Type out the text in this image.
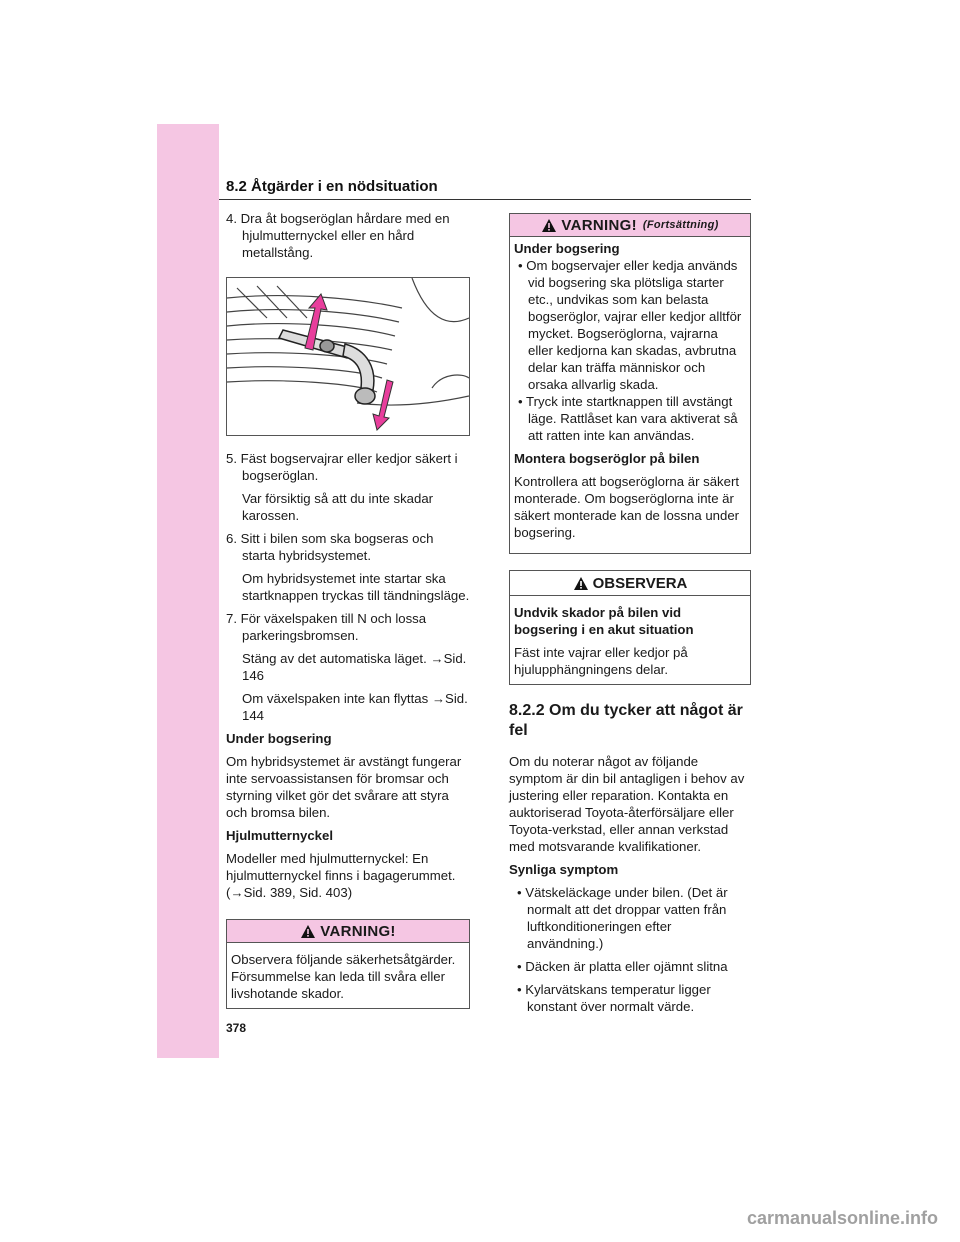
8.2 Åtgärder i en nödsituation
4. Dra åt bogseröglan hårdare med en hjulmutternyckel eller en hård metallstång.
5. Fäst bogservajrar eller kedjor säkert i bogseröglan.
Var försiktig så att du inte skadar karossen.
6. Sitt i bilen som ska bogseras och starta hybridsystemet.
Om hybridsystemet inte startar ska startknappen tryckas till tändningsläge.
7. För växelspaken till N och lossa parkeringsbromsen.
Stäng av det automatiska läget. →Sid. 146
Om växelspaken inte kan flyttas →Sid. 144

Under bogsering

Om hybridsystemet är avstängt fungerar inte servoassistansen för bromsar och styrning vilket gör det svårare att styra och bromsa bilen.

Hjulmutternyckel

Modeller med hjulmutternyckel: En hjulmutternyckel finns i bagagerummet. (→Sid. 389, Sid. 403)

VARNING!
Observera följande säkerhetsåtgärder. Försummelse kan leda till svåra eller livshotande skador.
VARNING! (Fortsättning)

Under bogsering

• Om bogservajer eller kedja används vid bogsering ska plötsliga starter etc., undvikas som kan belasta bogseröglor, vajrar eller kedjor alltför mycket. Bogseröglorna, vajrarna eller kedjorna kan skadas, avbrutna delar kan träffa människor och orsaka allvarlig skada.
• Tryck inte startknappen till avstängt läge. Rattlåset kan vara aktiverat så att ratten inte kan användas.

Montera bogseröglor på bilen

Kontrollera att bogseröglorna är säkert monterade. Om bogseröglorna inte är säkert monterade kan de lossna under bogsering.

OBSERVERA

Undvik skador på bilen vid bogsering i en akut situation

Fäst inte vajrar eller kedjor på hjulupphängningens delar.

8.2.2 Om du tycker att något är fel

Om du noterar något av följande symptom är din bil antagligen i behov av justering eller reparation. Kontakta en auktoriserad Toyota-återförsäljare eller Toyota-verkstad, eller annan verkstad med motsvarande kvalifikationer.

Synliga symptom

• Vätskeläckage under bilen. (Det är normalt att det droppar vatten från luftkonditioneringen efter användning.)
• Däcken är platta eller ojämnt slitna
• Kylarvätskans temperatur ligger konstant över normalt värde.
378
carmanualsonline.info
